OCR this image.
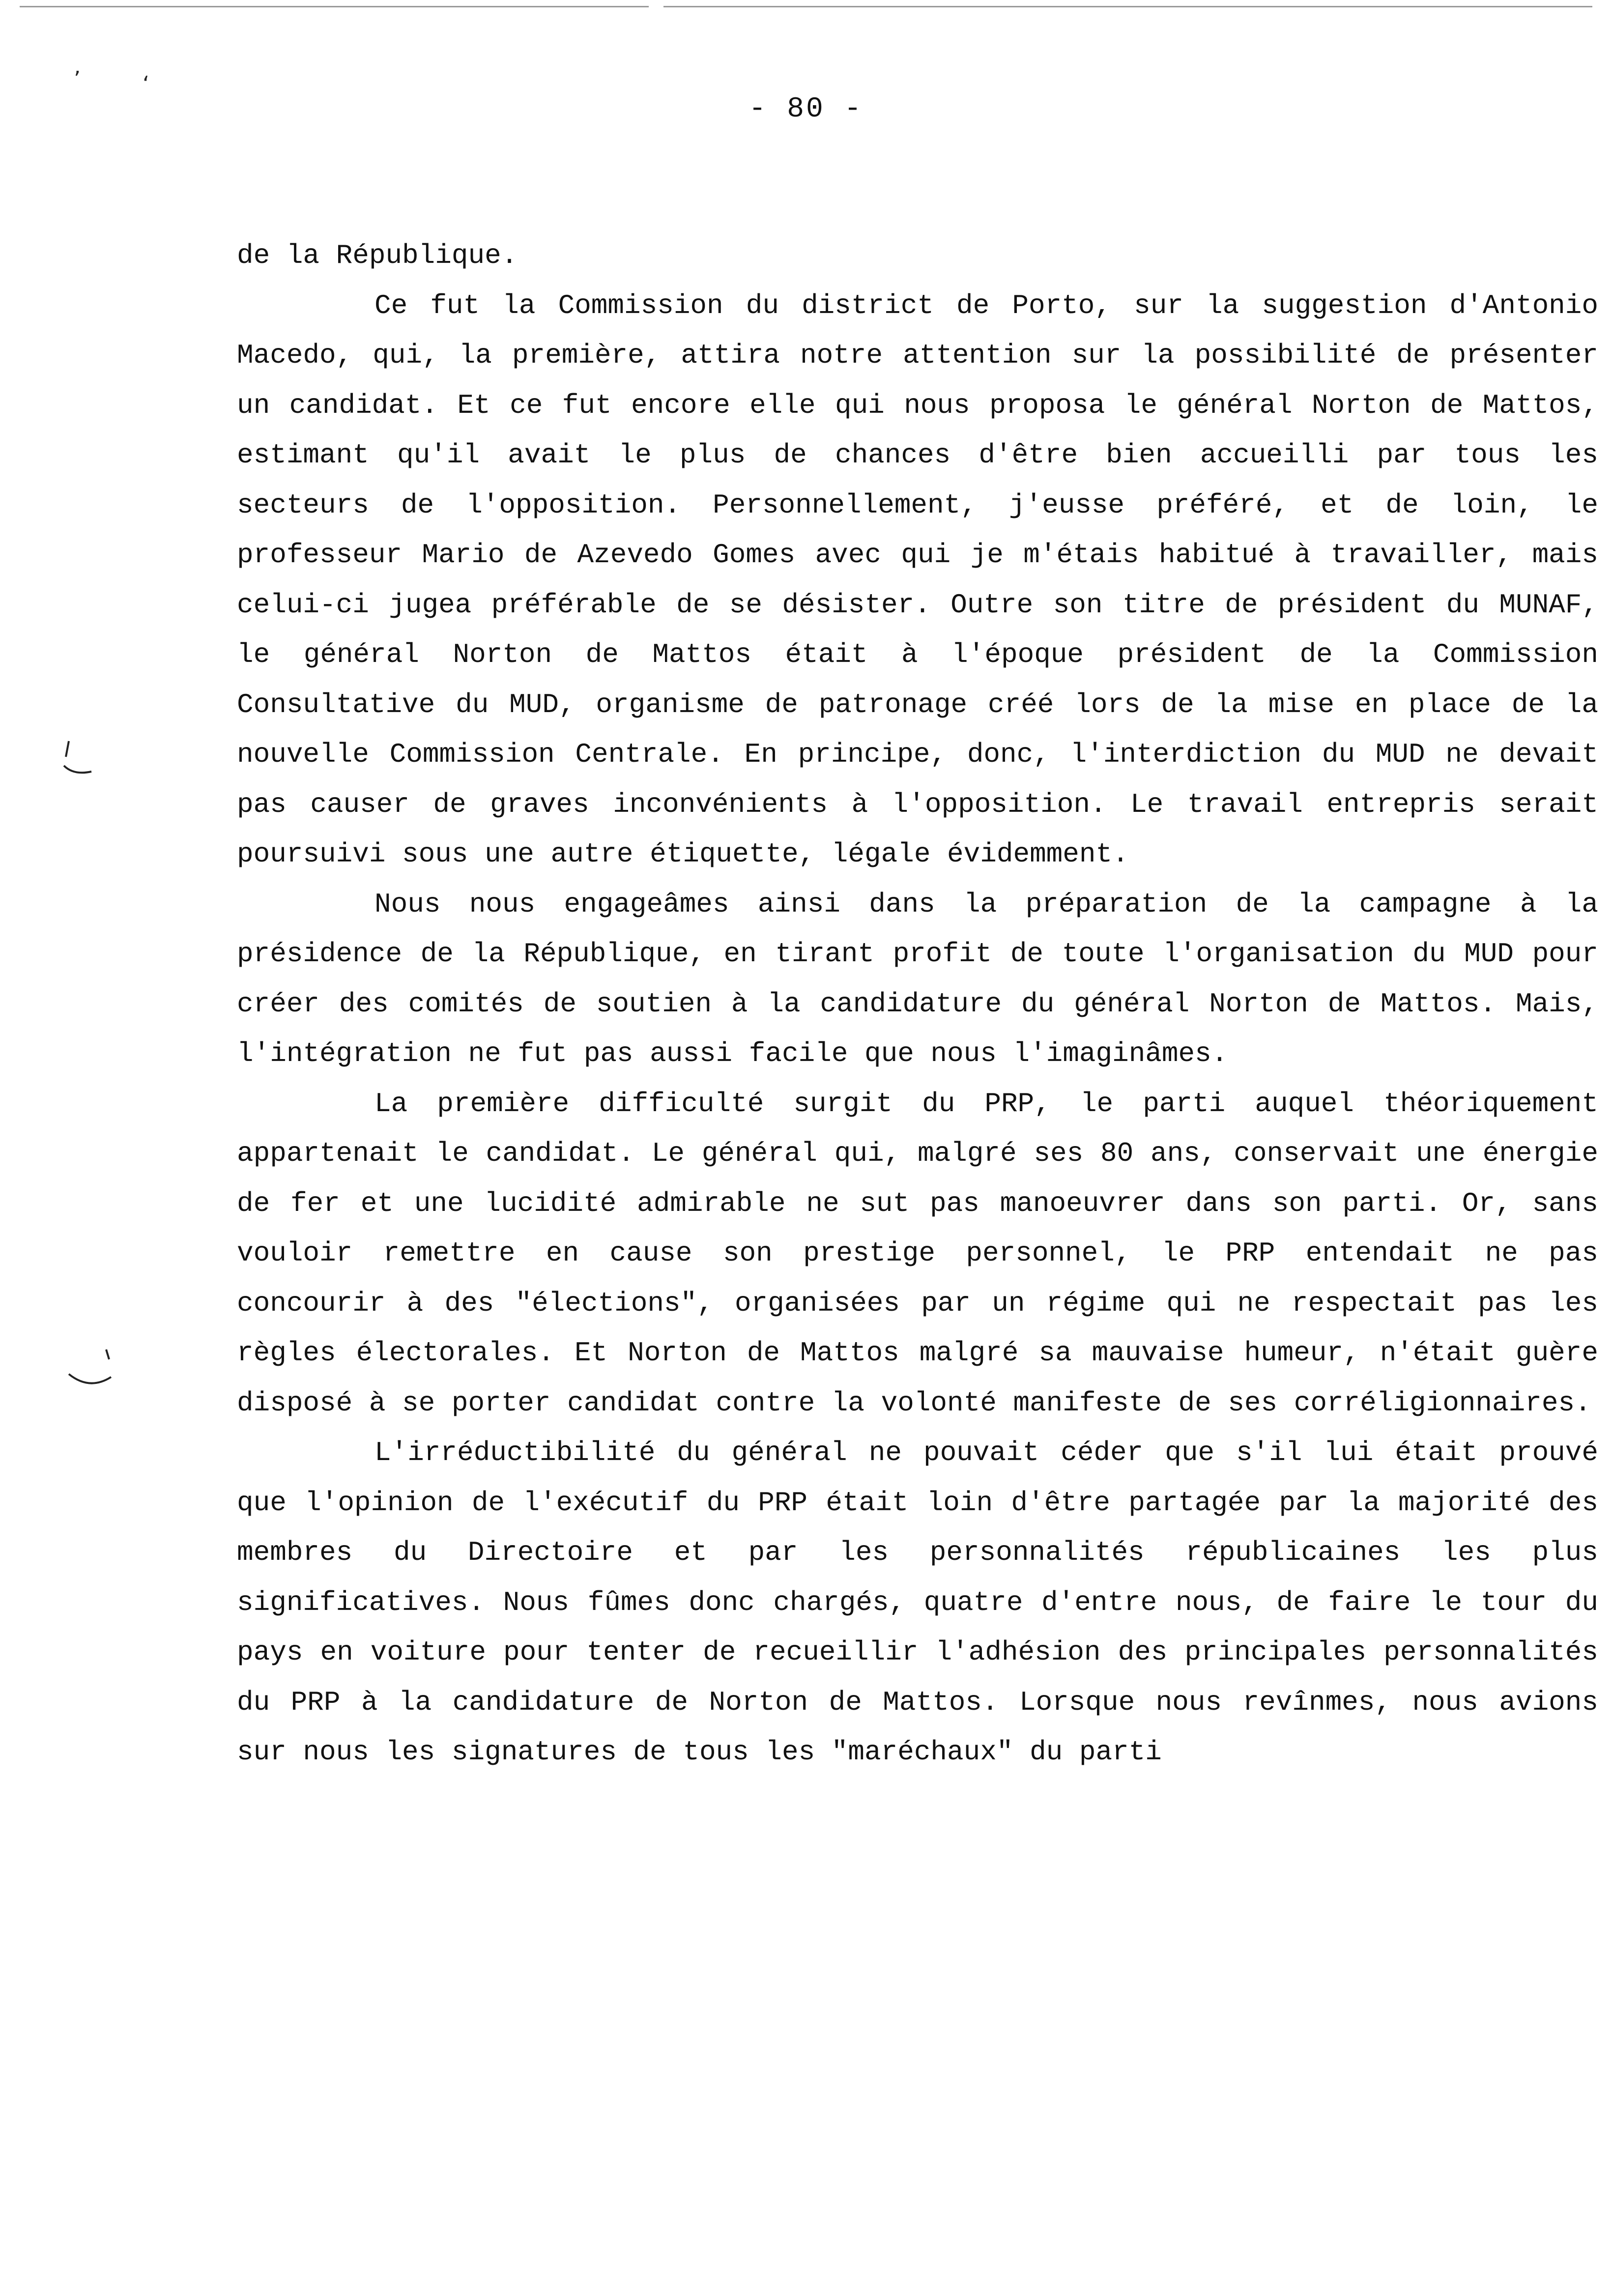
’	ʻ
- 80 -

de la République.

Ce fut la Commission du district de Porto, sur la suggestion d'Antonio Macedo, qui, la première, attira notre attention sur la possibilité de présenter un candidat. Et ce fut encore elle qui nous proposa le général Norton de Mattos, estimant qu'il avait le plus de chances d'être bien accueilli par tous les secteurs de l'opposition. Personnellement, j'eusse préféré, et de loin, le professeur Mario de Azevedo Gomes avec qui je m'étais habitué à travailler, mais celui-ci jugea préférable de se désister. Outre son titre de président du MUNAF, le général Norton de Mattos était à l'époque président de la Commission Consultative du MUD, organisme de patronage créé lors de la mise en place de la nouvelle Commission Centrale. En principe, donc, l'interdiction du MUD ne devait pas causer de graves inconvénients à l'opposition. Le travail entrepris serait poursuivi sous une autre étiquette, légale évidemment.

Nous nous engageâmes ainsi dans la préparation de la campagne à la présidence de la République, en tirant profit de toute l'organisation du MUD pour créer des comités de soutien à la candidature du général Norton de Mattos. Mais, l'intégration ne fut pas aussi facile que nous l'imaginâmes.

La première difficulté surgit du PRP, le parti auquel théoriquement appartenait le candidat. Le général qui, malgré ses 80 ans, conservait une énergie de fer et une lucidité admirable ne sut pas manoeuvrer dans son parti. Or, sans vouloir remettre en cause son prestige personnel, le PRP entendait ne pas concourir à des "élections", organisées par un régime qui ne respectait pas les règles électorales. Et Norton de Mattos malgré sa mauvaise humeur, n'était guère disposé à se porter candidat contre la volonté manifeste de ses corréligionnaires.

L'irréductibilité du général ne pouvait céder que s'il lui était prouvé que l'opinion de l'exécutif du PRP était loin d'être partagée par la majorité des membres du Directoire et par les personnalités républicaines les plus significatives. Nous fûmes donc chargés, quatre d'entre nous, de faire le tour du pays en voiture pour tenter de recueillir l'adhésion des principales personnalités du PRP à la candidature de Norton de Mattos. Lorsque nous revînmes, nous avions sur nous les signatures de tous les "maréchaux" du parti
